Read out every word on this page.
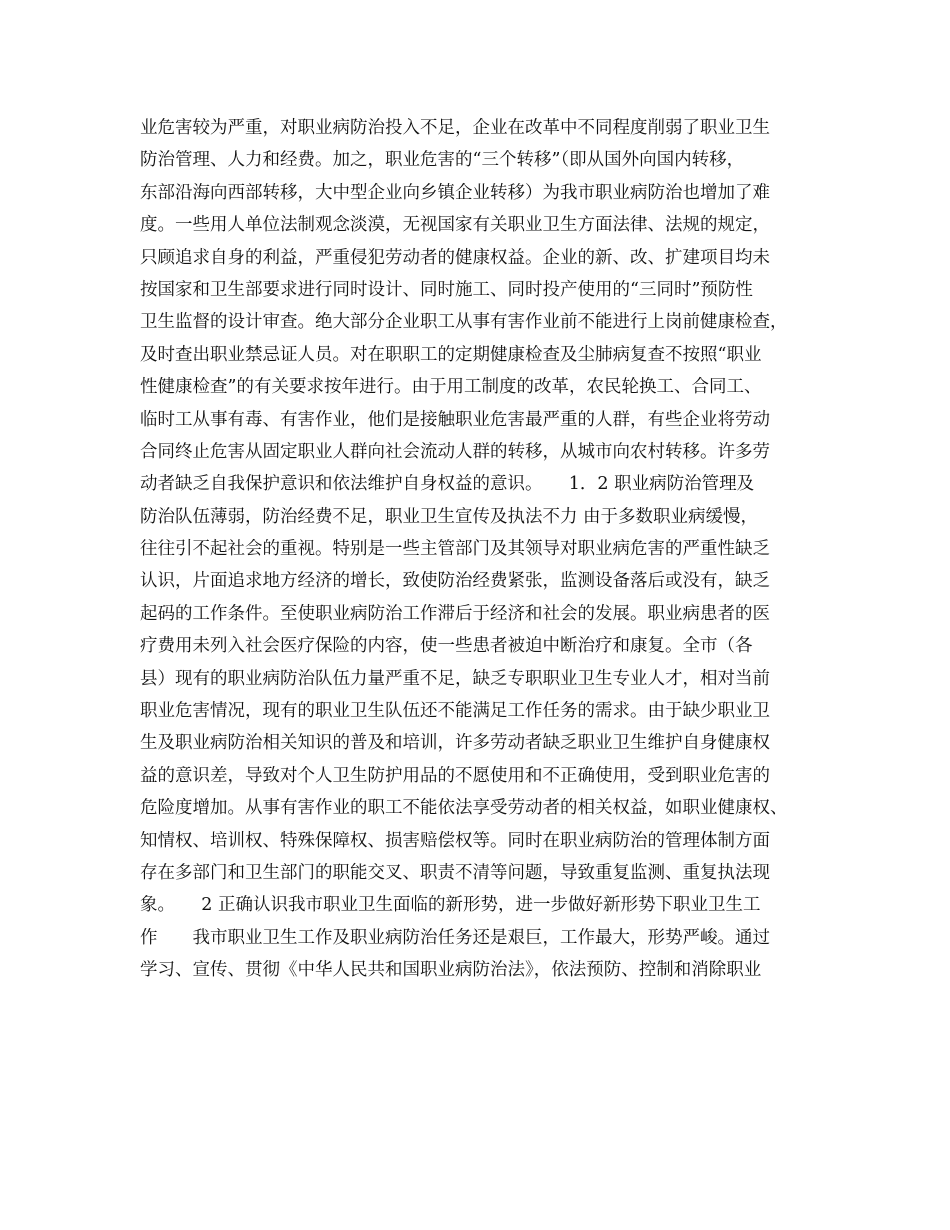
业危害较为严重，对职业病防治投入不足，企业在改革中不同程度削弱了职业卫生
防治管理、人力和经费。加之，职业危害的“三个转移”（即从国外向国内转移，
东部沿海向西部转移，大中型企业向乡镇企业转移）为我市职业病防治也增加了难
度。一些用人单位法制观念淡漠，无视国家有关职业卫生方面法律、法规的规定，
只顾追求自身的利益，严重侵犯劳动者的健康权益。企业的新、改、扩建项目均未
按国家和卫生部要求进行同时设计、同时施工、同时投产使用的“三同时”预防性
卫生监督的设计审查。绝大部分企业职工从事有害作业前不能进行上岗前健康检查，
及时查出职业禁忌证人员。对在职职工的定期健康检查及尘肺病复查不按照“职业
性健康检查”的有关要求按年进行。由于用工制度的改革，农民轮换工、合同工、
临时工从事有毒、有害作业，他们是接触职业危害最严重的人群，有些企业将劳动
合同终止危害从固定职业人群向社会流动人群的转移，从城市向农村转移。许多劳
动者缺乏自我保护意识和依法维护自身权益的意识。　　1．2 职业病防治管理及
防治队伍薄弱，防治经费不足，职业卫生宣传及执法不力 由于多数职业病缓慢，
往往引不起社会的重视。特别是一些主管部门及其领导对职业病危害的严重性缺乏
认识，片面追求地方经济的增长，致使防治经费紧张，监测设备落后或没有，缺乏
起码的工作条件。至使职业病防治工作滞后于经济和社会的发展。职业病患者的医
疗费用未列入社会医疗保险的内容，使一些患者被迫中断治疗和康复。全市（各
县）现有的职业病防治队伍力量严重不足，缺乏专职职业卫生专业人才，相对当前
职业危害情况，现有的职业卫生队伍还不能满足工作任务的需求。由于缺少职业卫
生及职业病防治相关知识的普及和培训，许多劳动者缺乏职业卫生维护自身健康权
益的意识差，导致对个人卫生防护用品的不愿使用和不正确使用，受到职业危害的
危险度增加。从事有害作业的职工不能依法享受劳动者的相关权益，如职业健康权、
知情权、培训权、特殊保障权、损害赔偿权等。同时在职业病防治的管理体制方面
存在多部门和卫生部门的职能交叉、职责不清等问题，导致重复监测、重复执法现
象。　　2 正确认识我市职业卫生面临的新形势，进一步做好新形势下职业卫生工
作　　我市职业卫生工作及职业病防治任务还是艰巨，工作最大，形势严峻。通过
学习、宣传、贯彻《中华人民共和国职业病防治法》，依法预防、控制和消除职业
